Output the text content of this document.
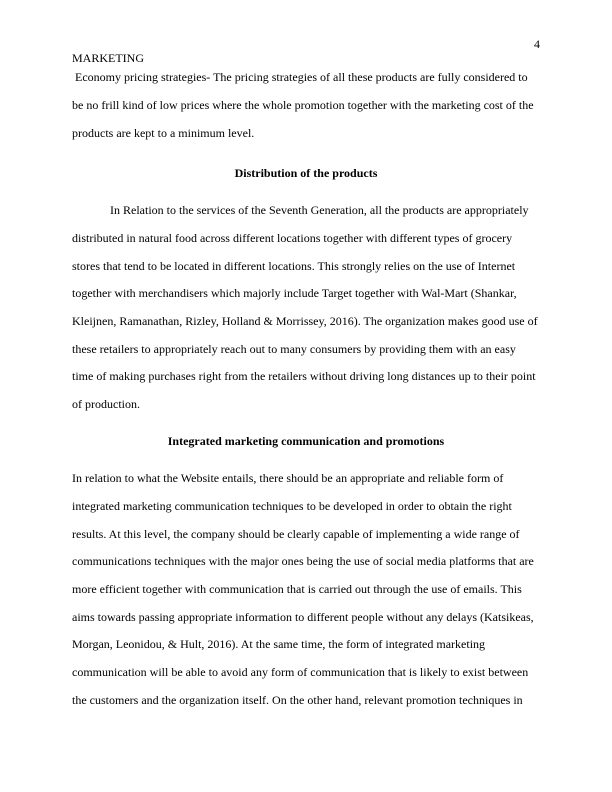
4
MARKETING
Economy pricing strategies- The pricing strategies of all these products are fully considered to
be no frill kind of low prices where the whole promotion together with the marketing cost of the
products are kept to a minimum level.
Distribution of the products
In Relation to the services of the Seventh Generation, all the products are appropriately
distributed in natural food across different locations together with different types of grocery
stores that tend to be located in different locations. This strongly relies on the use of Internet
together with merchandisers which majorly include Target together with Wal-Mart (Shankar,
Kleijnen, Ramanathan, Rizley, Holland & Morrissey, 2016). The organization makes good use of
these retailers to appropriately reach out to many consumers by providing them with an easy
time of making purchases right from the retailers without driving long distances up to their point
of production.
Integrated marketing communication and promotions
In relation to what the Website entails, there should be an appropriate and reliable form of
integrated marketing communication techniques to be developed in order to obtain the right
results. At this level, the company should be clearly capable of implementing a wide range of
communications techniques with the major ones being the use of social media platforms that are
more efficient together with communication that is carried out through the use of emails. This
aims towards passing appropriate information to different people without any delays (Katsikeas,
Morgan, Leonidou, & Hult, 2016). At the same time, the form of integrated marketing
communication will be able to avoid any form of communication that is likely to exist between
the customers and the organization itself. On the other hand, relevant promotion techniques in
